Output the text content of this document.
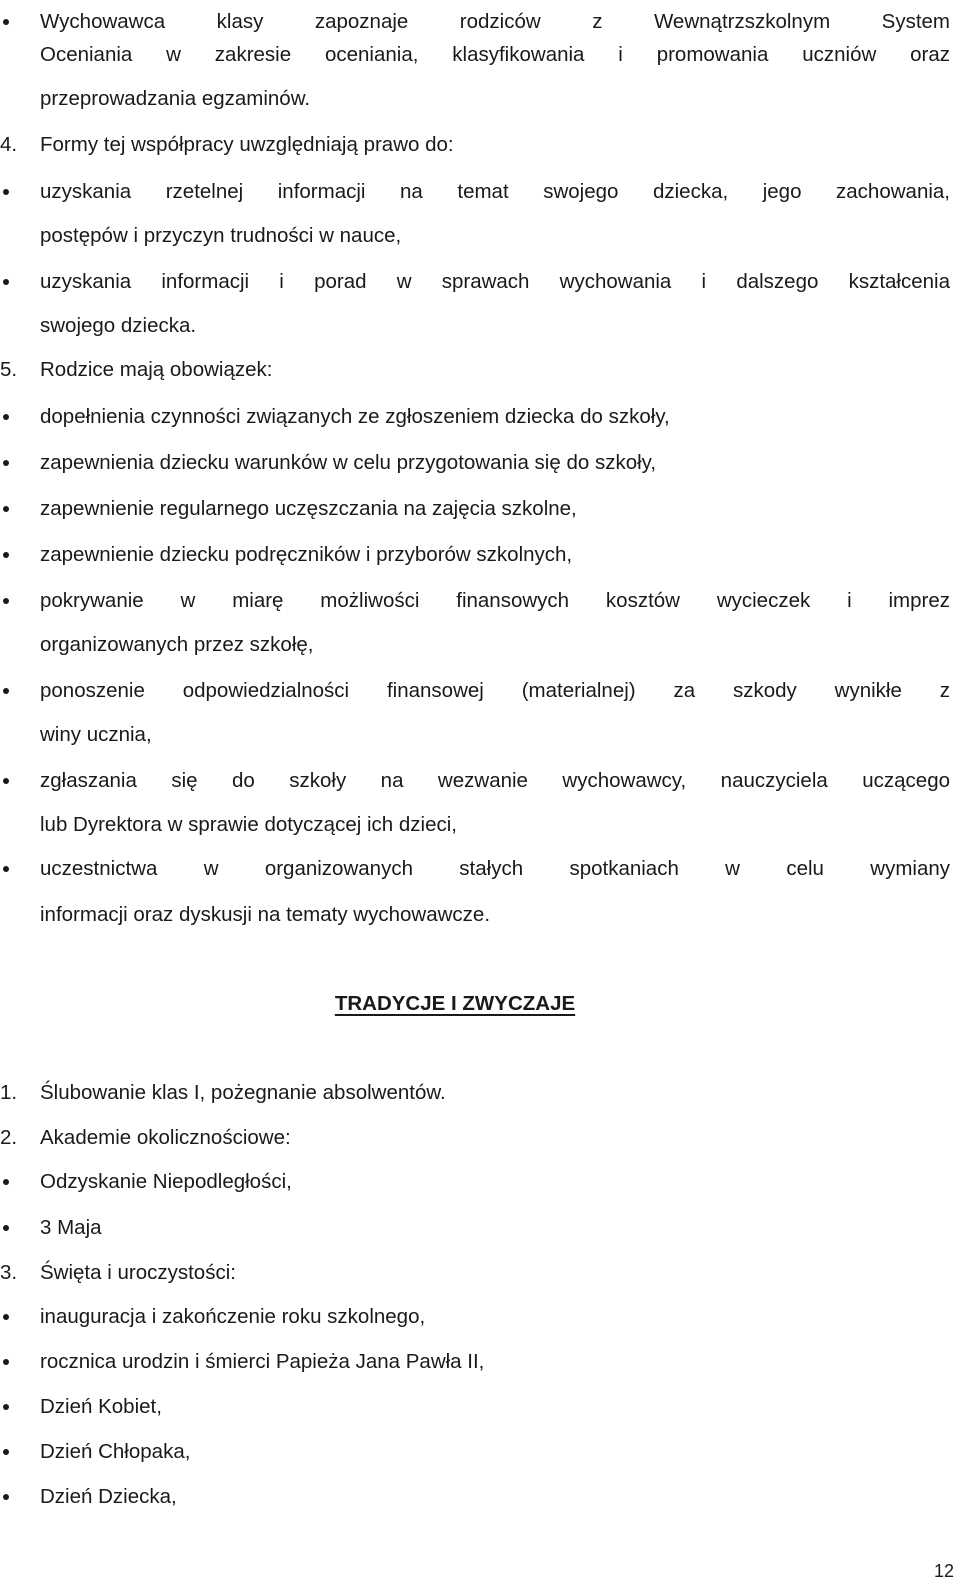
Wychowawca klasy zapoznaje rodziców z Wewnątrzszkolnym System
Oceniania w zakresie oceniania, klasyfikowania i promowania uczniów oraz
przeprowadzania egzaminów.
4.	Formy tej współpracy uwzględniają prawo do:
uzyskania rzetelnej informacji na temat swojego dziecka, jego zachowania,
postępów i przyczyn trudności w nauce,
uzyskania informacji i porad w sprawach wychowania i dalszego kształcenia
swojego dziecka.
5.	Rodzice mają obowiązek:
dopełnienia czynności związanych ze zgłoszeniem dziecka do szkoły,
zapewnienia dziecku warunków w celu przygotowania się do szkoły,
zapewnienie regularnego uczęszczania na zajęcia szkolne,
zapewnienie dziecku podręczników i przyborów szkolnych,
pokrywanie w miarę możliwości finansowych kosztów wycieczek i imprez
organizowanych przez szkołę,
ponoszenie odpowiedzialności finansowej (materialnej) za szkody wynikłe z
winy ucznia,
zgłaszania się do szkoły na wezwanie wychowawcy, nauczyciela uczącego
lub Dyrektora w sprawie dotyczącej ich dzieci,
uczestnictwa w organizowanych stałych spotkaniach w celu wymiany
informacji oraz dyskusji na tematy wychowawcze.
TRADYCJE I ZWYCZAJE
1.	Ślubowanie klas I, pożegnanie absolwentów.
2.	Akademie okolicznościowe:
Odzyskanie Niepodległości,
3 Maja
3.	Święta i uroczystości:
inauguracja i zakończenie roku szkolnego,
rocznica urodzin i śmierci Papieża Jana Pawła II,
Dzień Kobiet,
Dzień Chłopaka,
Dzień Dziecka,
12
